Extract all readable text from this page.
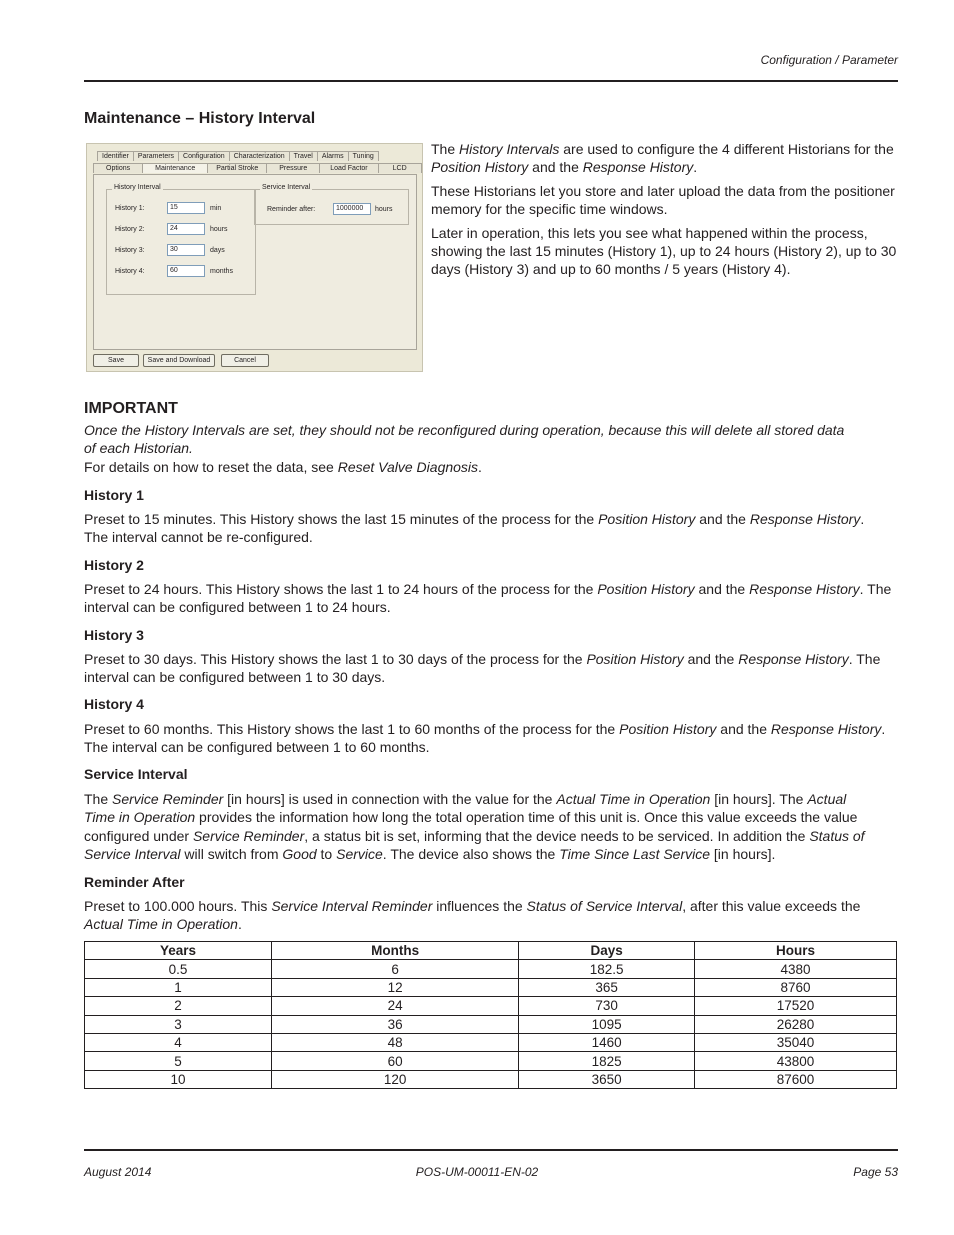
Configuration / Parameter
Maintenance – History Interval
Identifier	Parameters	Configuration	Characterization	Travel	Alarms	Tuning
Options	Maintenance	Partial Stroke	Pressure	Load Factor	LCD
History Interval
History 1:	15	min
History 2:	24	hours
History 3:	30	days
History 4:	60	months
Service Interval
Reminder after:	1000000	hours
Save	Save and Download	Cancel

The History Intervals are used to configure the 4 different Historians for the Position History and the Response History.

These Historians let you store and later upload the data from the positioner memory for the specific time windows.

Later in operation, this lets you see what happened within the process, showing the last 15 minutes (History 1), up to 24 hours (History 2), up to 30 days (History 3) and up to 60 months / 5 years (History 4).

IMPORTANT
Once the History Intervals are set, they should not be reconfigured during operation, because this will delete all stored data
of each Historian.
For details on how to reset the data, see Reset Valve Diagnosis.
History 1
Preset to 15 minutes. This History shows the last 15 minutes of the process for the Position History and the Response History.
The interval cannot be re-configured.
History 2
Preset to 24 hours. This History shows the last 1 to 24 hours of the process for the Position History and the Response History. The
interval can be configured between 1 to 24 hours.
History 3
Preset to 30 days. This History shows the last 1 to 30 days of the process for the Position History and the Response History. The
interval can be configured between 1 to 30 days.
History 4
Preset to 60 months. This History shows the last 1 to 60 months of the process for the Position History and the Response History.
The interval can be configured between 1 to 60 months.
Service Interval
The Service Reminder [in hours] is used in connection with the value for the Actual Time in Operation [in hours]. The Actual
Time in Operation provides the information how long the total operation time of this unit is. Once this value exceeds the value
configured under Service Reminder, a status bit is set, informing that the device needs to be serviced. In addition the Status of
Service Interval will switch from Good to Service. The device also shows the Time Since Last Service [in hours].
Reminder After
Preset to 100.000 hours. This Service Interval Reminder influences the Status of Service Interval, after this value exceeds the
Actual Time in Operation.
Years	Months	Days	Hours
0.5	6	182.5	4380
1	12	365	8760
2	24	730	17520
3	36	1095	26280
4	48	1460	35040
5	60	1825	43800
10	120	3650	87600
August 2014	POS-UM-00011-EN-02	Page 53
